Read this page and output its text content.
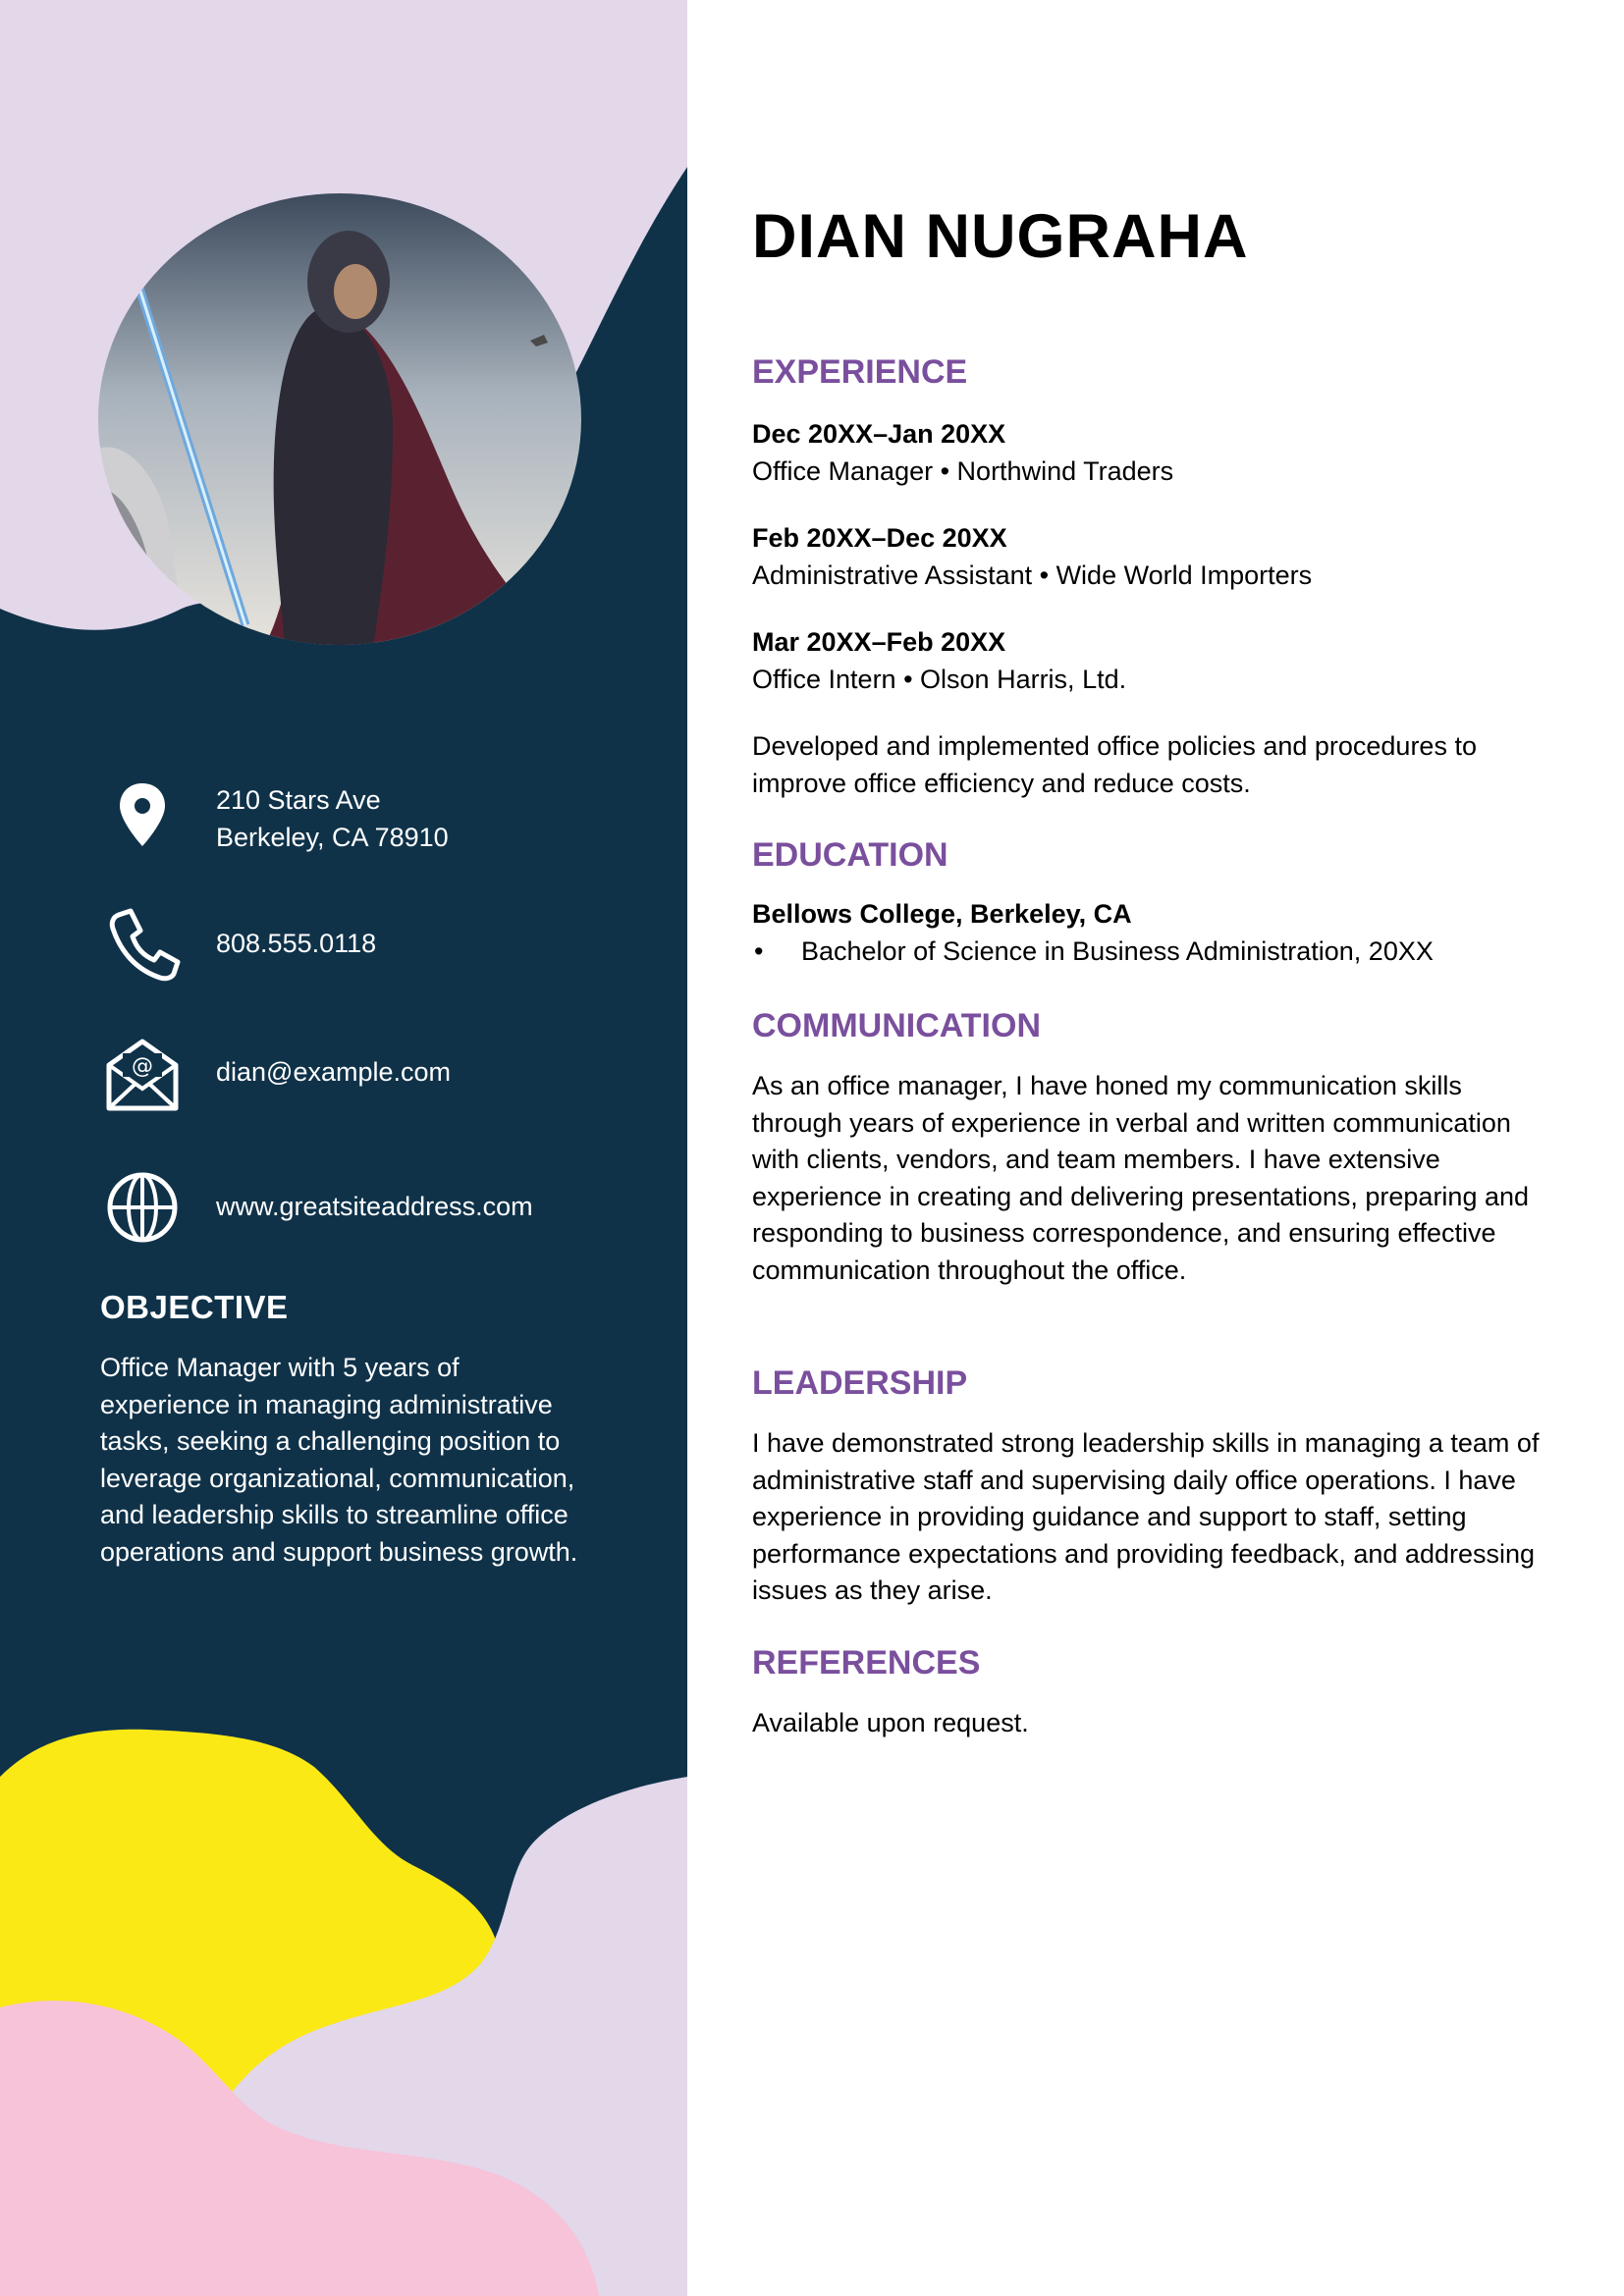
210 Stars Ave
Berkeley, CA 78910
808.555.0118
@ dian@example.com
www.greatsiteaddress.com
OBJECTIVE

Office Manager with 5 years of experience in managing administrative tasks, seeking a challenging position to leverage organizational, communication, and leadership skills to streamline office operations and support business growth.

DIAN NUGRAHA
EXPERIENCE
Dec 20XX–Jan 20XX
Office Manager • Northwind Traders
Feb 20XX–Dec 20XX
Administrative Assistant • Wide World Importers
Mar 20XX–Feb 20XX
Office Intern • Olson Harris, Ltd.

Developed and implemented office policies and procedures to improve office efficiency and reduce costs.

EDUCATION
Bellows College, Berkeley, CA
• Bachelor of Science in Business Administration, 20XX
COMMUNICATION

As an office manager, I have honed my communication skills through years of experience in verbal and written communication with clients, vendors, and team members. I have extensive experience in creating and delivering presentations, preparing and responding to business correspondence, and ensuring effective communication throughout the office.

LEADERSHIP

I have demonstrated strong leadership skills in managing a team of administrative staff and supervising daily office operations. I have experience in providing guidance and support to staff, setting performance expectations and providing feedback, and addressing issues as they arise.

REFERENCES

Available upon request.
